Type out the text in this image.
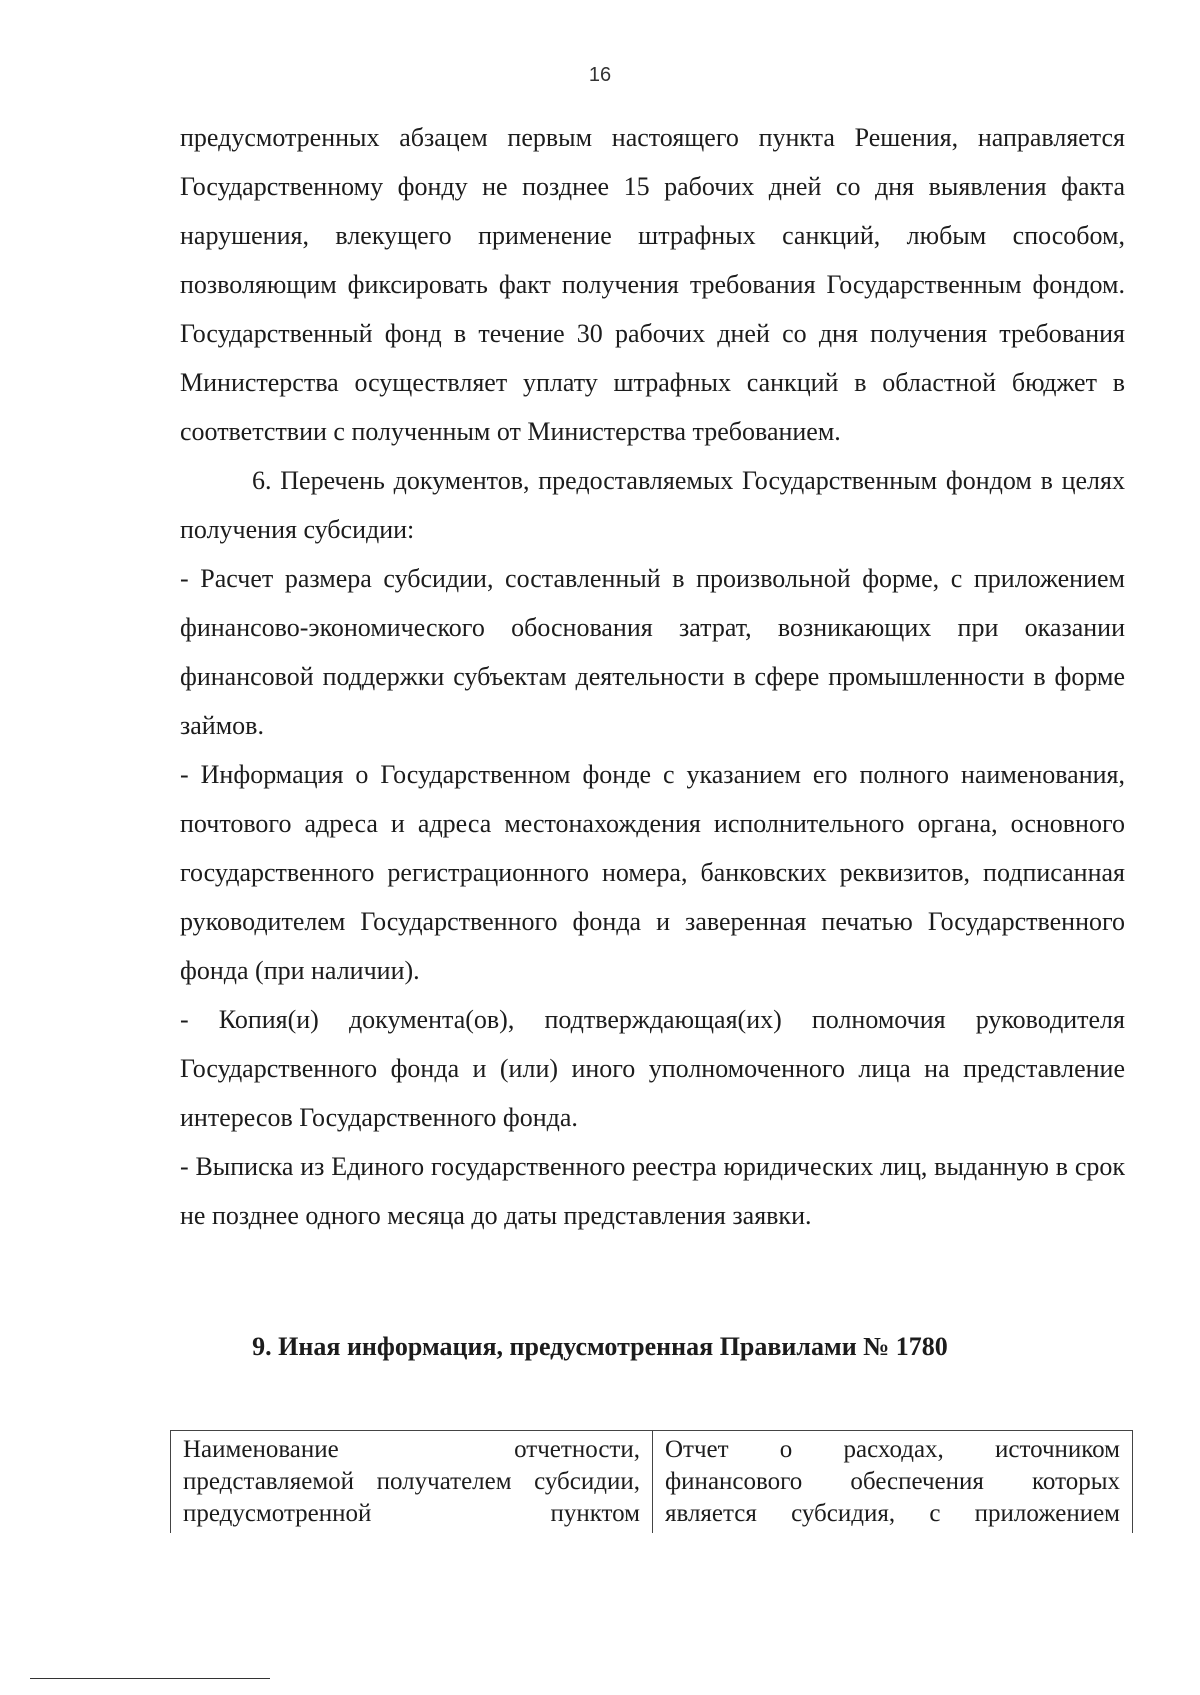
16

предусмотренных абзацем первым настоящего пункта Решения, направляется Государственному фонду не позднее 15 рабочих дней со дня выявления факта нарушения, влекущего применение штрафных санкций, любым способом, позволяющим фиксировать факт получения требования Государственным фондом. Государственный фонд в течение 30 рабочих дней со дня получения требования Министерства осуществляет уплату штрафных санкций в областной бюджет в соответствии с полученным от Министерства требованием.

6. Перечень документов, предоставляемых Государственным фондом в целях получения субсидии:

- Расчет размера субсидии, составленный в произвольной форме, с приложением финансово-экономического обоснования затрат, возникающих при оказании финансовой поддержки субъектам деятельности в сфере промышленности в форме займов.

- Информация о Государственном фонде с указанием его полного наименования, почтового адреса и адреса местонахождения исполнительного органа, основного государственного регистрационного номера, банковских реквизитов, подписанная руководителем Государственного фонда и заверенная печатью Государственного фонда (при наличии).

- Копия(и) документа(ов), подтверждающая(их) полномочия руководителя Государственного фонда и (или) иного уполномоченного лица на представление интересов Государственного фонда.

- Выписка из Единого государственного реестра юридических лиц, выданную в срок не позднее одного месяца до даты представления заявки.

9. Иная информация, предусмотренная Правилами № 1780
Наименование отчетности, представляемой получателем субсидии, предусмотренной пунктом	Отчет о расходах, источником финансового обеспечения которых является субсидия, с приложением
